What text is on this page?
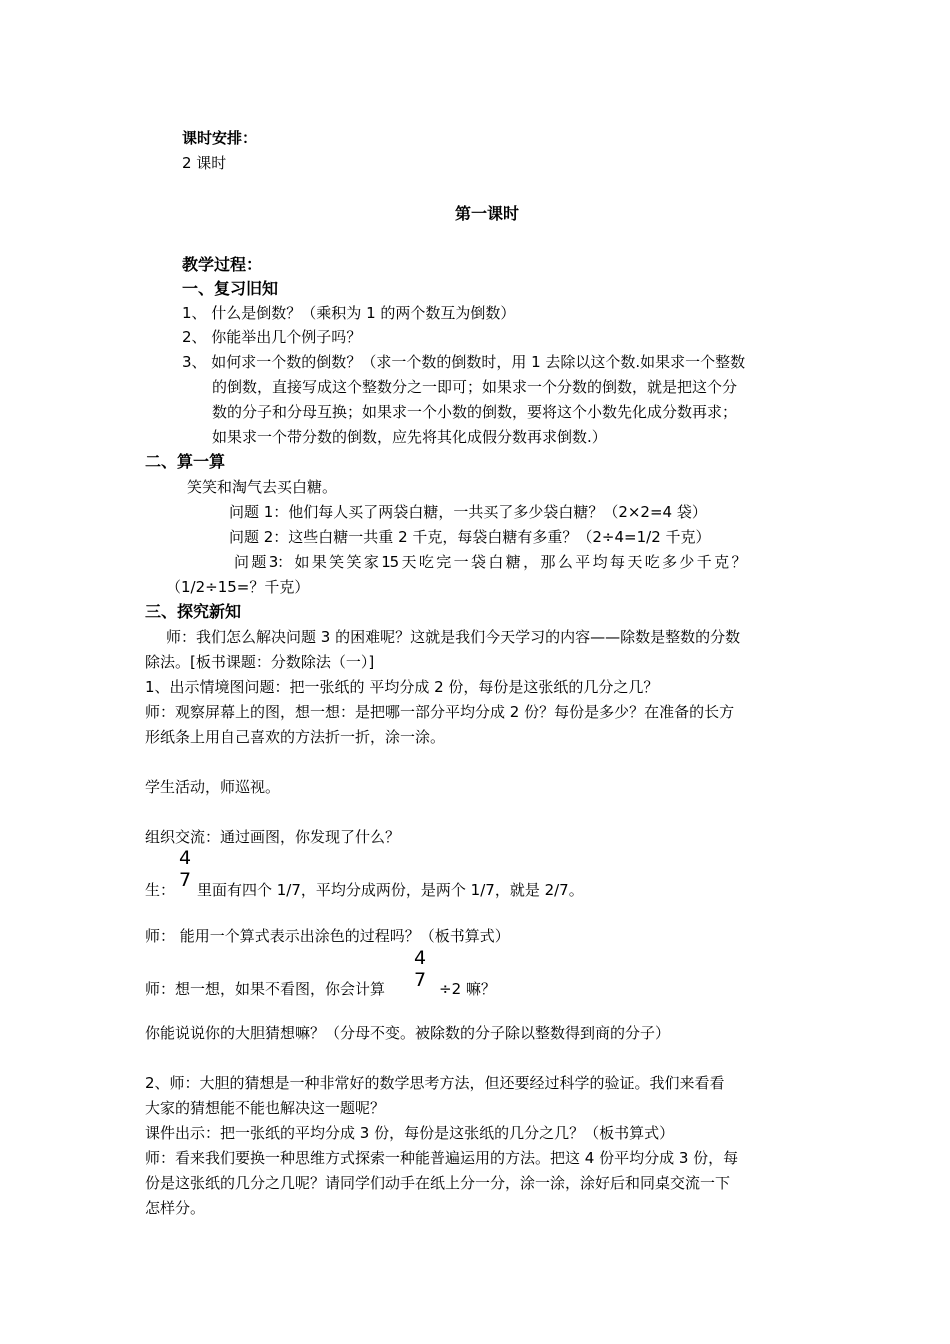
课时安排：
2 课时
第一课时
教学过程：
一、复习旧知
1、 什么是倒数？（乘积为 1 的两个数互为倒数）
2、 你能举出几个例子吗？
3、 如何求一个数的倒数？（求一个数的倒数时，用 1 去除以这个数.如果求一个整数
的倒数，直接写成这个整数分之一即可；如果求一个分数的倒数，就是把这个分
数的分子和分母互换；如果求一个小数的倒数，要将这个小数先化成分数再求；
如果求一个带分数的倒数，应先将其化成假分数再求倒数.）
二、算一算
笑笑和淘气去买白糖。
问题 1：他们每人买了两袋白糖，一共买了多少袋白糖？（2×2=4 袋）
问题 2：这些白糖一共重 2 千克，每袋白糖有多重？（2÷4=1/2 千克）
问 题 3： 如 果 笑 笑 家 15 天 吃 完 一 袋 白 糖 ， 那 么 平 均 每 天 吃 多 少 千 克 ？
（1/2÷15=？千克）
三、探究新知
师：我们怎么解决问题 3 的困难呢？这就是我们今天学习的内容——除数是整数的分数
除法。[板书课题：分数除法（一）]
1、出示情境图问题：把一张纸的 平均分成 2 份，每份是这张纸的几分之几？
师：观察屏幕上的图，想一想：是把哪一部分平均分成 2 份？每份是多少？在准备的长方
形纸条上用自己喜欢的方法折一折，涂一涂。
学生活动，师巡视。
组织交流：通过画图，你发现了什么？
4
7
生： 里面有四个 1/7，平均分成两份，是两个 1/7，就是 2/7。
师： 能用一个算式表示出涂色的过程吗？（板书算式）
师：想一想，如果不看图，你会计算
4
7 ÷2 嘛？
你能说说你的大胆猜想嘛？（分母不变。被除数的分子除以整数得到商的分子）
2、师：大胆的猜想是一种非常好的数学思考方法，但还要经过科学的验证。我们来看看
大家的猜想能不能也解决这一题呢？
课件出示：把一张纸的平均分成 3 份，每份是这张纸的几分之几？（板书算式）
师：看来我们要换一种思维方式探索一种能普遍运用的方法。把这 4 份平均分成 3 份，每
份是这张纸的几分之几呢？请同学们动手在纸上分一分，涂一涂，涂好后和同桌交流一下
怎样分。
